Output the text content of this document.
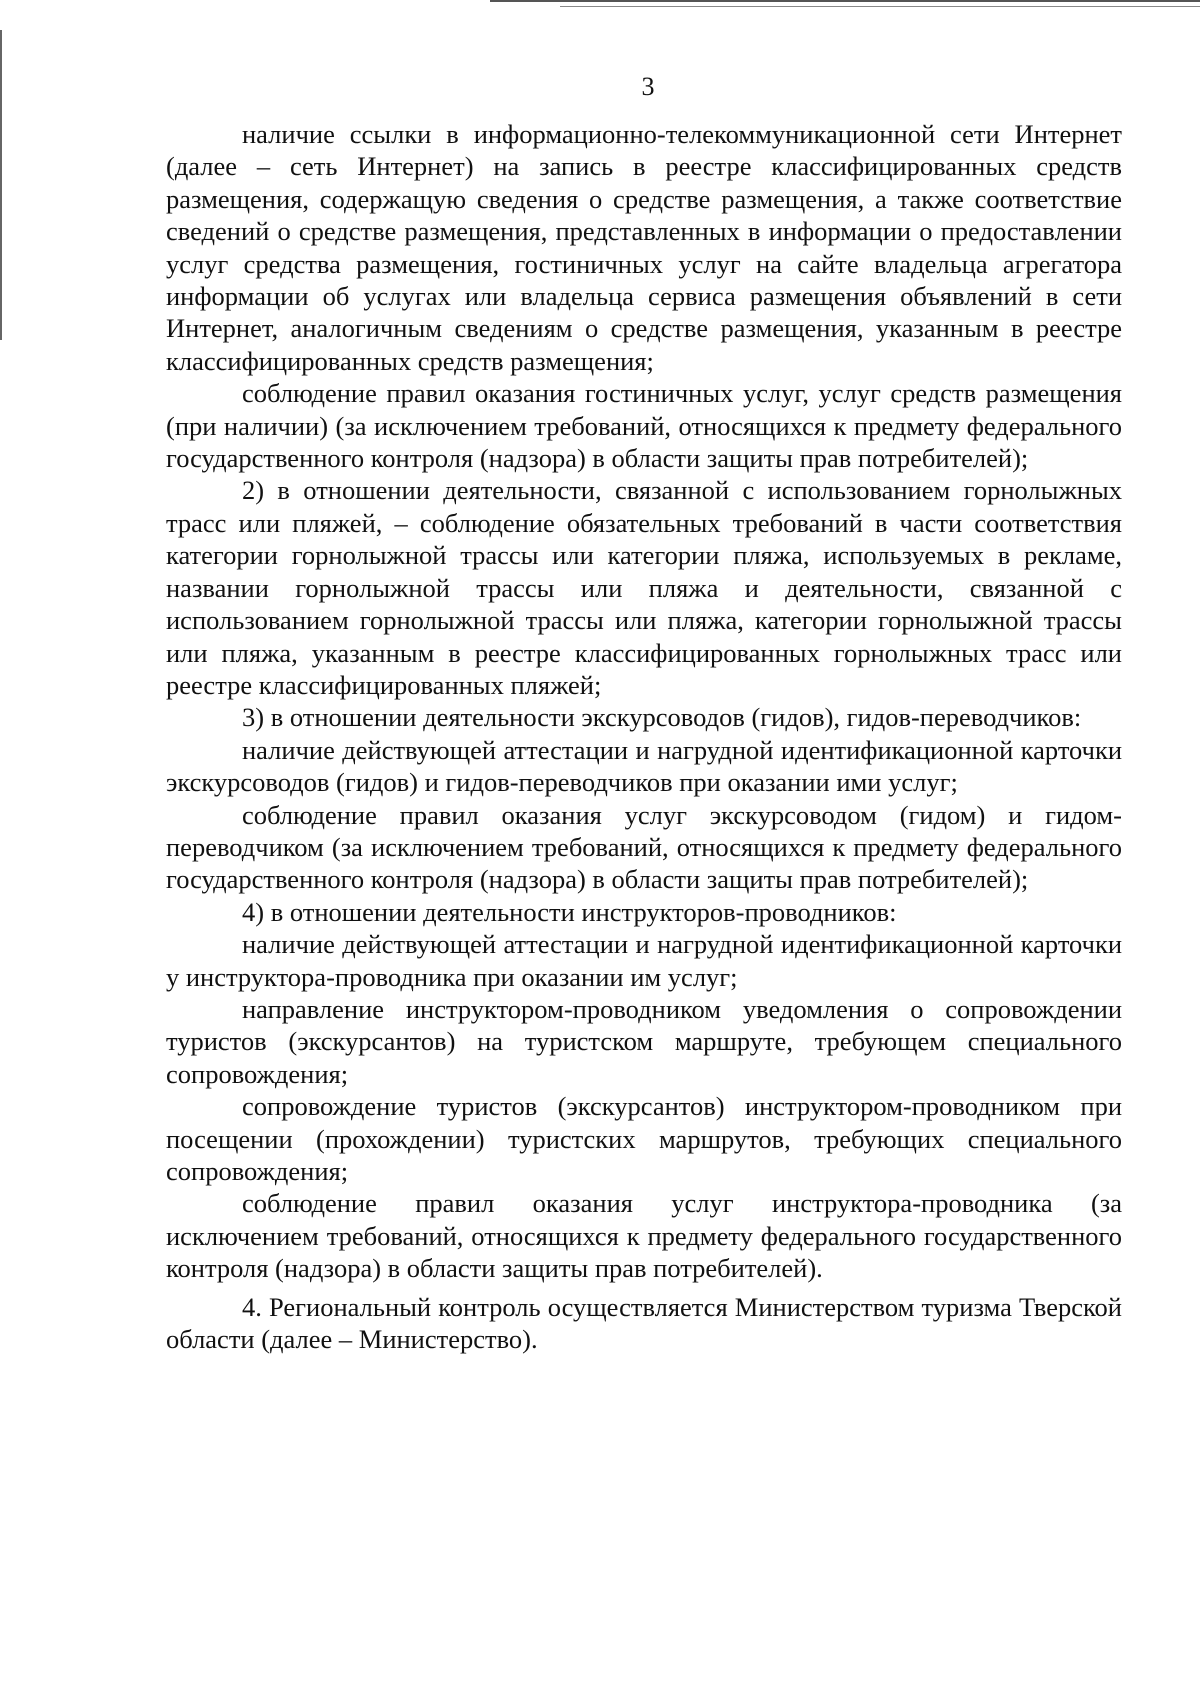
3

наличие ссылки в информационно-телекоммуникационной сети Интернет (далее – сеть Интернет) на запись в реестре классифицированных средств размещения, содержащую сведения о средстве размещения, а также соответствие сведений о средстве размещения, представленных в информации о предоставлении услуг средства размещения, гостиничных услуг на сайте владельца агрегатора информации об услугах или владельца сервиса размещения объявлений в сети Интернет, аналогичным сведениям о средстве размещения, указанным в реестре классифицированных средств размещения;

соблюдение правил оказания гостиничных услуг, услуг средств размещения (при наличии) (за исключением требований, относящихся к предмету федерального государственного контроля (надзора) в области защиты прав потребителей);

2) в отношении деятельности, связанной с использованием горнолыжных трасс или пляжей, – соблюдение обязательных требований в части соответствия категории горнолыжной трассы или категории пляжа, используемых в рекламе, названии горнолыжной трассы или пляжа и деятельности, связанной с использованием горнолыжной трассы или пляжа, категории горнолыжной трассы или пляжа, указанным в реестре классифицированных горнолыжных трасс или реестре классифицированных пляжей;

3) в отношении деятельности экскурсоводов (гидов), гидов-переводчиков:

наличие действующей аттестации и нагрудной идентификационной карточки экскурсоводов (гидов) и гидов-переводчиков при оказании ими услуг;

соблюдение правил оказания услуг экскурсоводом (гидом) и гидом-переводчиком (за исключением требований, относящихся к предмету федерального государственного контроля (надзора) в области защиты прав потребителей);

4) в отношении деятельности инструкторов-проводников:

наличие действующей аттестации и нагрудной идентификационной карточки у инструктора-проводника при оказании им услуг;

направление инструктором-проводником уведомления о сопровождении туристов (экскурсантов) на туристском маршруте, требующем специального сопровождения;

сопровождение туристов (экскурсантов) инструктором-проводником при посещении (прохождении) туристских маршрутов, требующих специального сопровождения;

соблюдение правил оказания услуг инструктора-проводника (за исключением требований, относящихся к предмету федерального государственного контроля (надзора) в области защиты прав потребителей).

4. Региональный контроль осуществляется Министерством туризма Тверской области (далее – Министерство).
